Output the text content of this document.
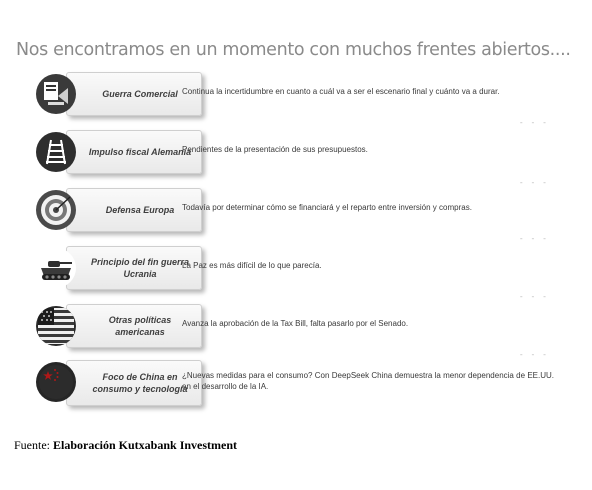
Nos encontramos en un momento con muchos frentes abiertos....
Guerra Comercial Continua la incertidumbre en cuanto a cuál va a ser el escenario final y cuánto va a durar.
- - -
Impulso fiscal Alemania
Pendientes de la presentación de sus presupuestos.
- - -
Defensa Europa Todavía por determinar cómo se financiará y el reparto entre inversión y compras.
- - -
Principio del fin guerra Ucrania
La Paz es más difícil de lo que parecía.
- - -
Otras políticas americanas
Avanza la aprobación de la Tax Bill, falta pasarlo por el Senado.
- - -
Foco de China en consumo y tecnología
¿Nuevas medidas para el consumo? Con DeepSeek China demuestra la menor dependencia de EE.UU. en el desarrollo de la IA.
Fuente: Elaboración Kutxabank Investment
